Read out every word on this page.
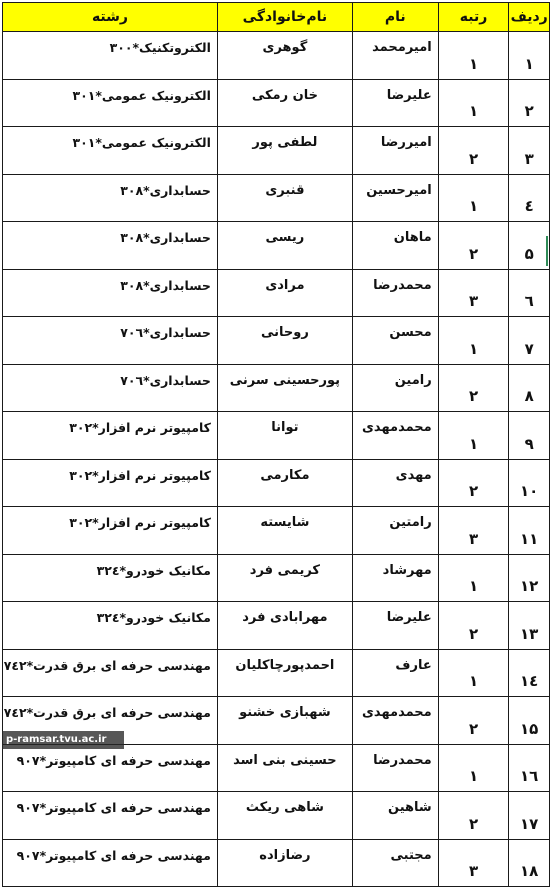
ردیف	رتبه	نام	نام‌خانوادگی	رشته
۱	۱	امیرمحمد	گوهری	الکتروتکنیک*۳۰۰
۲	۱	علیرضا	خان رمکی	الکترونیک عمومی*۳۰۱
۳	۲	امیررضا	لطفی پور	الکترونیک عمومی*۳۰۱
٤	۱	امیرحسین	قنبری	حسابداری*۳۰۸
۵	۲	ماهان	ریسی	حسابداری*۳۰۸
٦	۳	محمدرضا	مرادی	حسابداری*۳۰۸
۷	۱	محسن	روحانی	حسابداری*۷۰٦
۸	۲	رامین	پورحسینی سرنی	حسابداری*۷۰٦
۹	۱	محمدمهدی	توانا	کامپیوتر نرم افزار*۳۰۲
۱۰	۲	مهدی	مکارمی	کامپیوتر نرم افزار*۳۰۲
۱۱	۳	رامتین	شایسته	کامپیوتر نرم افزار*۳۰۲
۱۲	۱	مهرشاد	کریمی فرد	مکانیک خودرو*۳۲٤
۱۳	۲	علیرضا	مهرابادی فرد	مکانیک خودرو*۳۲٤
۱٤	۱	عارف	احمدپورچاکلیان	مهندسی حرفه ای برق قدرت*۷٤۲
۱۵	۲	محمدمهدی	شهبازی خشنو	مهندسی حرفه ای برق قدرت*۷٤۲
۱٦	۱	محمدرضا	حسینی بنی اسد	مهندسی حرفه ای کامپیوتر*۹۰۷
۱۷	۲	شاهین	شاهی ریکث	مهندسی حرفه ای کامپیوتر*۹۰۷
۱۸	۳	مجتبی	رضازاده	مهندسی حرفه ای کامپیوتر*۹۰۷
p-ramsar.tvu.ac.ir
